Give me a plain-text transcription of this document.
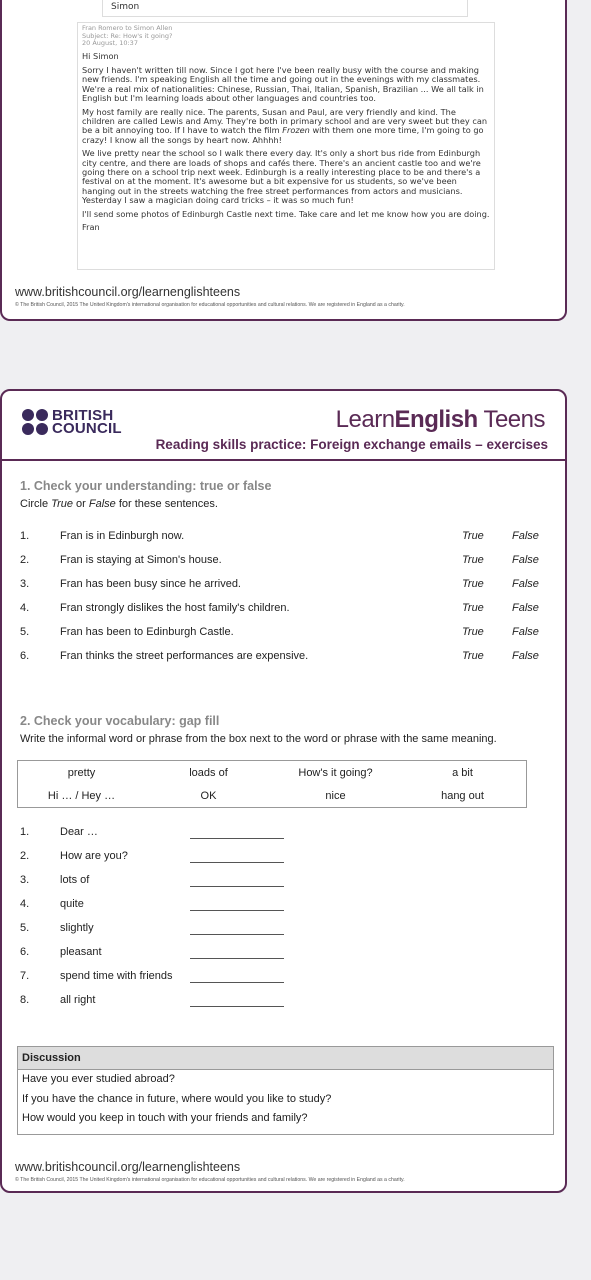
Simon
Fran Romero to Simon Allen
Subject: Re: How's it going?
20 August, 10:37

Hi Simon

Sorry I haven't written till now. Since I got here I've been really busy with the course and making new friends. I'm speaking English all the time and going out in the evenings with my classmates. We're a real mix of nationalities: Chinese, Russian, Thai, Italian, Spanish, Brazilian ... We all talk in English but I'm learning loads about other languages and countries too.

My host family are really nice. The parents, Susan and Paul, are very friendly and kind. The children are called Lewis and Amy. They're both in primary school and are very sweet but they can be a bit annoying too. If I have to watch the film Frozen with them one more time, I'm going to go crazy! I know all the songs by heart now. Ahhhh!

We live pretty near the school so I walk there every day. It's only a short bus ride from Edinburgh city centre, and there are loads of shops and cafés there. There's an ancient castle too and we're going there on a school trip next week. Edinburgh is a really interesting place to be and there's a festival on at the moment. It's awesome but a bit expensive for us students, so we've been hanging out in the streets watching the free street performances from actors and musicians. Yesterday I saw a magician doing card tricks – it was so much fun!

I'll send some photos of Edinburgh Castle next time. Take care and let me know how you are doing.

Fran

www.britishcouncil.org/learnenglishteens
© The British Council, 2015 The United Kingdom's international organisation for educational opportunities and cultural relations. We are registered in England as a charity.
BRITISH
COUNCIL	LearnEnglish Teens
Reading skills practice: Foreign exchange emails – exercises
1. Check your understanding: true or false
Circle True or False for these sentences.
1.	Fran is in Edinburgh now.	True	False
2.	Fran is staying at Simon's house.	True	False
3.	Fran has been busy since he arrived.	True	False
4.	Fran strongly dislikes the host family's children.	True	False
5.	Fran has been to Edinburgh Castle.	True	False
6.	Fran thinks the street performances are expensive.	True	False
2. Check your vocabulary: gap fill
Write the informal word or phrase from the box next to the word or phrase with the same meaning.
pretty	loads of	How's it going?	a bit
Hi … / Hey …	OK	nice	hang out
1.	Dear …
2.	How are you?
3.	lots of
4.	quite
5.	slightly
6.	pleasant
7.	spend time with friends
8.	all right
Discussion
Have you ever studied abroad?
If you have the chance in future, where would you like to study?
How would you keep in touch with your friends and family?
www.britishcouncil.org/learnenglishteens
© The British Council, 2015 The United Kingdom's international organisation for educational opportunities and cultural relations. We are registered in England as a charity.
